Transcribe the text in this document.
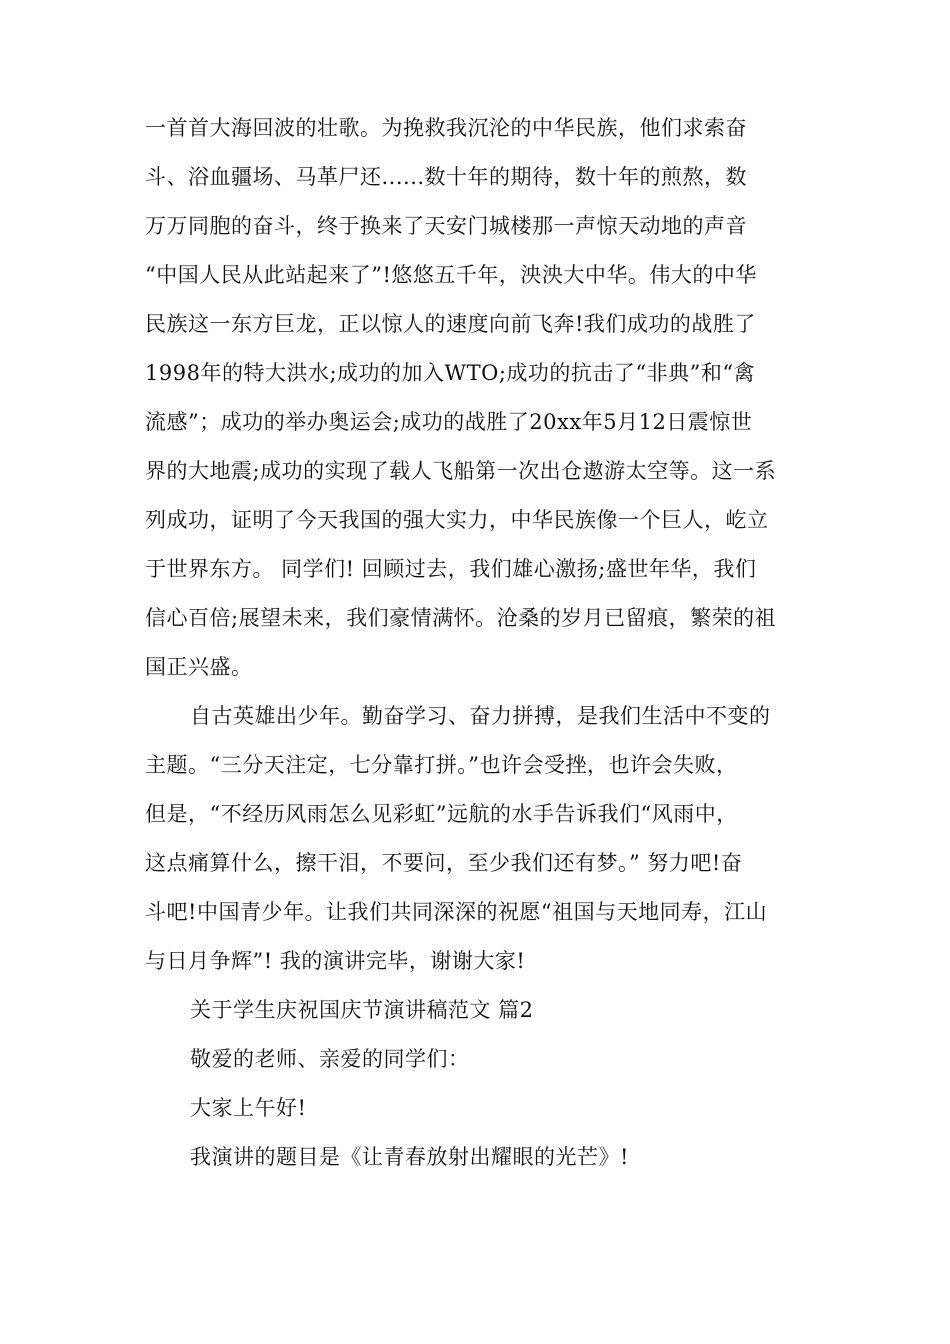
一首首大海回波的壮歌。为挽救我沉沦的中华民族，他们求索奋
斗、浴血疆场、马革尸还......数十年的期待，数十年的煎熬，数
万万同胞的奋斗，终于换来了天安门城楼那一声惊天动地的声音
“中国人民从此站起来了”!悠悠五千年，泱泱大中华。伟大的中华
民族这一东方巨龙，正以惊人的速度向前飞奔!我们成功的战胜了
1998年的特大洪水;成功的加入WTO;成功的抗击了“非典”和“禽
流感”；成功的举办奥运会;成功的战胜了20xx年5月12日震惊世
界的大地震;成功的实现了载人飞船第一次出仓遨游太空等。这一系
列成功，证明了今天我国的强大实力，中华民族像一个巨人，屹立
于世界东方。 同学们! 回顾过去，我们雄心激扬;盛世年华，我们
信心百倍;展望未来，我们豪情满怀。沧桑的岁月已留痕，繁荣的祖
国正兴盛。
自古英雄出少年。勤奋学习、奋力拼搏，是我们生活中不变的
主题。“三分天注定，七分靠打拼。”也许会受挫，也许会失败，
但是，“不经历风雨怎么见彩虹”远航的水手告诉我们“风雨中，
这点痛算什么，擦干泪，不要问，至少我们还有梦。” 努力吧!奋
斗吧!中国青少年。让我们共同深深的祝愿“祖国与天地同寿，江山
与日月争辉”! 我的演讲完毕，谢谢大家!
关于学生庆祝国庆节演讲稿范文 篇2
敬爱的老师、亲爱的同学们：
大家上午好!
我演讲的题目是《让青春放射出耀眼的光芒》!
